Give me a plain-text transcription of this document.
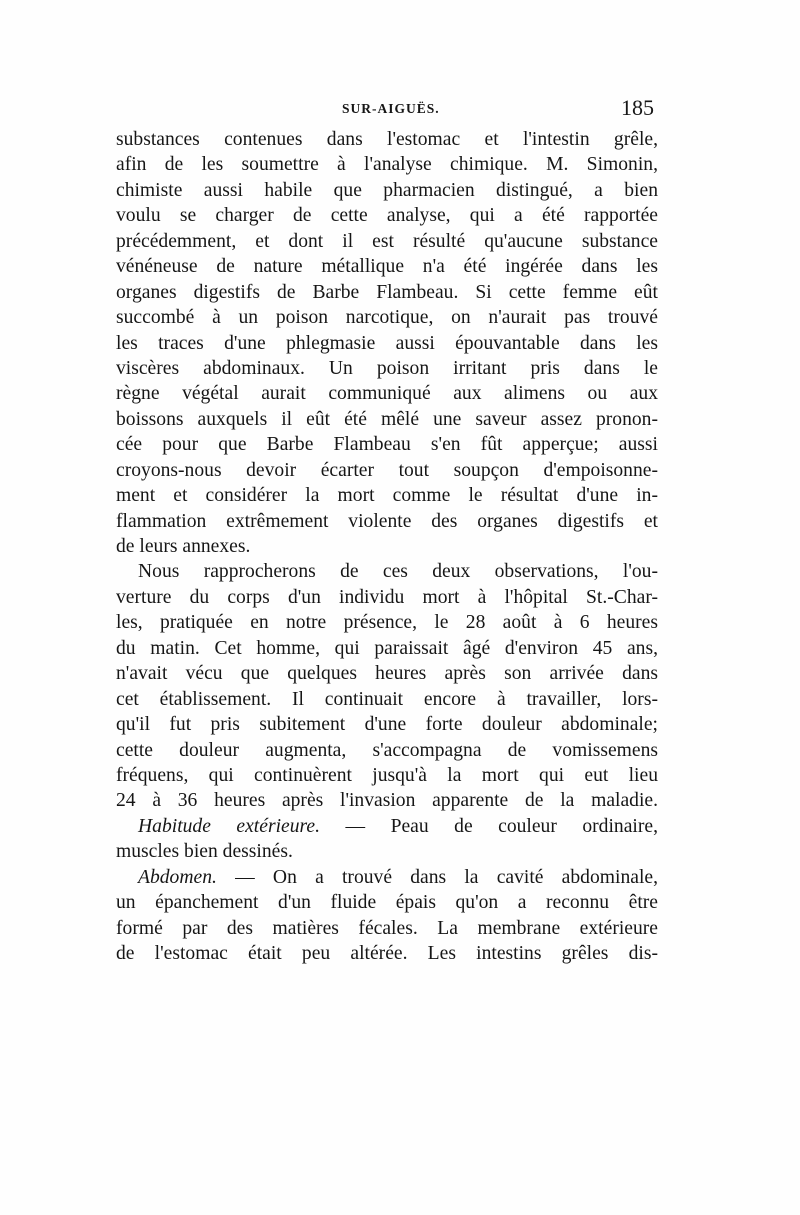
SUR-AIGUËS.	185
substances contenues dans l'estomac et l'intestin grêle,
afin de les soumettre à l'analyse chimique. M. Simonin,
chimiste aussi habile que pharmacien distingué, a bien
voulu se charger de cette analyse, qui a été rapportée
précédemment, et dont il est résulté qu'aucune substance
vénéneuse de nature métallique n'a été ingérée dans les
organes digestifs de Barbe Flambeau. Si cette femme eût
succombé à un poison narcotique, on n'aurait pas trouvé
les traces d'une phlegmasie aussi épouvantable dans les
viscères abdominaux. Un poison irritant pris dans le
règne végétal aurait communiqué aux alimens ou aux
boissons auxquels il eût été mêlé une saveur assez pronon-
cée pour que Barbe Flambeau s'en fût apperçue; aussi
croyons-nous devoir écarter tout soupçon d'empoisonne-
ment et considérer la mort comme le résultat d'une in-
flammation extrêmement violente des organes digestifs et
de leurs annexes.
Nous rapprocherons de ces deux observations, l'ou-
verture du corps d'un individu mort à l'hôpital St.-Char-
les, pratiquée en notre présence, le 28 août à 6 heures
du matin. Cet homme, qui paraissait âgé d'environ 45 ans,
n'avait vécu que quelques heures après son arrivée dans
cet établissement. Il continuait encore à travailler, lors-
qu'il fut pris subitement d'une forte douleur abdominale;
cette douleur augmenta, s'accompagna de vomissemens
fréquens, qui continuèrent jusqu'à la mort qui eut lieu
24 à 36 heures après l'invasion apparente de la maladie.
Habitude extérieure. — Peau de couleur ordinaire,
muscles bien dessinés.
Abdomen. — On a trouvé dans la cavité abdominale,
un épanchement d'un fluide épais qu'on a reconnu être
formé par des matières fécales. La membrane extérieure
de l'estomac était peu altérée. Les intestins grêles dis-
